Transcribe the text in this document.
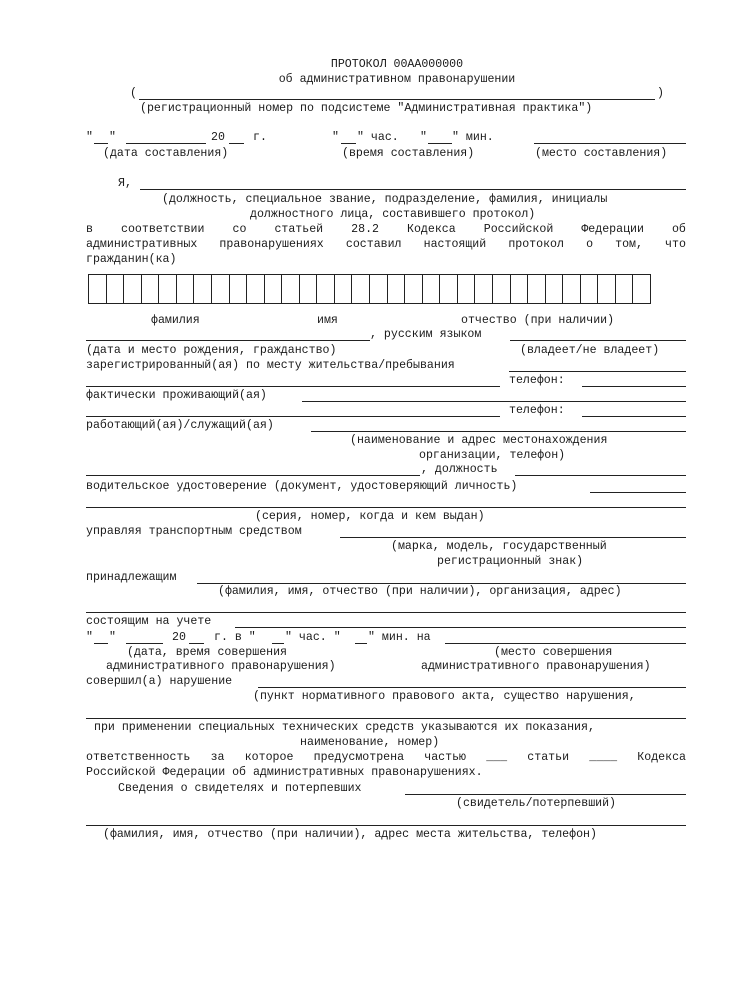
ПРОТОКОЛ 00АА000000
об административном правонарушении
(	)
(регистрационный номер по подсистеме "Административная практика")
" "	20 г.	" " час. " " мин.
(дата составления)	(время составления)	(место составления)
Я,
(должность, специальное звание, подразделение, фамилия, инициалы
должностного лица, составившего протокол)
в соответствии со статьей 28.2 Кодекса Российской Федерации об
административных правонарушениях составил настоящий протокол о том, что
гражданин(ка)
фамилия	имя	отчество (при наличии)
, русским языком
(дата и место рождения, гражданство)	(владеет/не владеет)
зарегистрированный(ая) по месту жительства/пребывания
телефон:
фактически проживающий(ая)
телефон:
работающий(ая)/служащий(ая)
(наименование и адрес местонахождения
организации, телефон)
, должность
водительское удостоверение (документ, удостоверяющий личность)
(серия, номер, когда и кем выдан)
управляя транспортным средством
(марка, модель, государственный
регистрационный знак)
принадлежащим
(фамилия, имя, отчество (при наличии), организация, адрес)
состоящим на учете
" "	20 г. в "	" час. " " мин. на
(дата, время совершения
административного правонарушения)
(место совершения
административного правонарушения)
совершил(а) нарушение
(пункт нормативного правового акта, существо нарушения,
при применении специальных технических средств указываются их показания,
наименование, номер)
ответственность за которое предусмотрена частью ___ статьи ____ Кодекса
Российской Федерации об административных правонарушениях.
Сведения о свидетелях и потерпевших
(свидетель/потерпевший)
(фамилия, имя, отчество (при наличии), адрес места жительства, телефон)
